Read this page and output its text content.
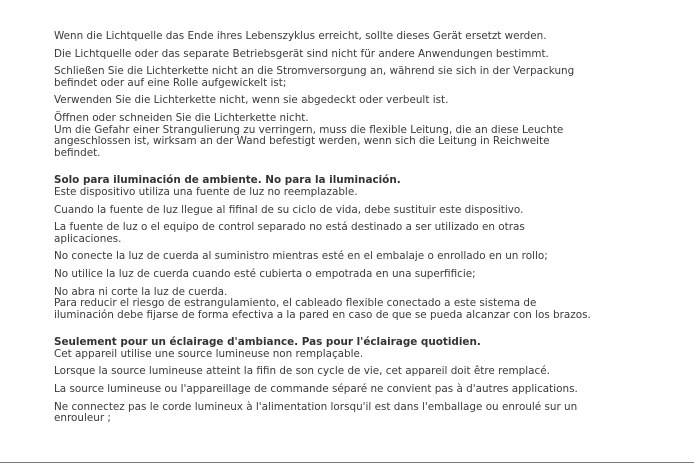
Wenn die Lichtquelle das Ende ihres Lebenszyklus erreicht, sollte dieses Gerät ersetzt werden.

Die Lichtquelle oder das separate Betriebsgerät sind nicht für andere Anwendungen bestimmt.

Schließen Sie die Lichterkette nicht an die Stromversorgung an, während sie sich in der Verpackung
befindet oder auf eine Rolle aufgewickelt ist;

Verwenden Sie die Lichterkette nicht, wenn sie abgedeckt oder verbeult ist.

Öffnen oder schneiden Sie die Lichterkette nicht.

Um die Gefahr einer Strangulierung zu verringern, muss die flexible Leitung, die an diese Leuchte
angeschlossen ist, wirksam an der Wand befestigt werden, wenn sich die Leitung in Reichweite
befindet.

Solo para iluminación de ambiente. No para la iluminación.

Este dispositivo utiliza una fuente de luz no reemplazable.

Cuando la fuente de luz llegue al fifinal de su ciclo de vida, debe sustituir este dispositivo.

La fuente de luz o el equipo de control separado no está destinado a ser utilizado en otras
aplicaciones.

No conecte la luz de cuerda al suministro mientras esté en el embalaje o enrollado en un rollo;

No utilice la luz de cuerda cuando esté cubierta o empotrada en una superfificie;

No abra ni corte la luz de cuerda.

Para reducir el riesgo de estrangulamiento, el cableado flexible conectado a este sistema de
iluminación debe fijarse de forma efectiva a la pared en caso de que se pueda alcanzar con los brazos.

Seulement pour un éclairage d'ambiance. Pas pour l'éclairage quotidien.

Cet appareil utilise une source lumineuse non remplaçable.

Lorsque la source lumineuse atteint la fifin de son cycle de vie, cet appareil doit être remplacé.

La source lumineuse ou l'appareillage de commande séparé ne convient pas à d'autres applications.

Ne connectez pas le corde lumineux à l'alimentation lorsqu'il est dans l'emballage ou enroulé sur un
enrouleur ;
